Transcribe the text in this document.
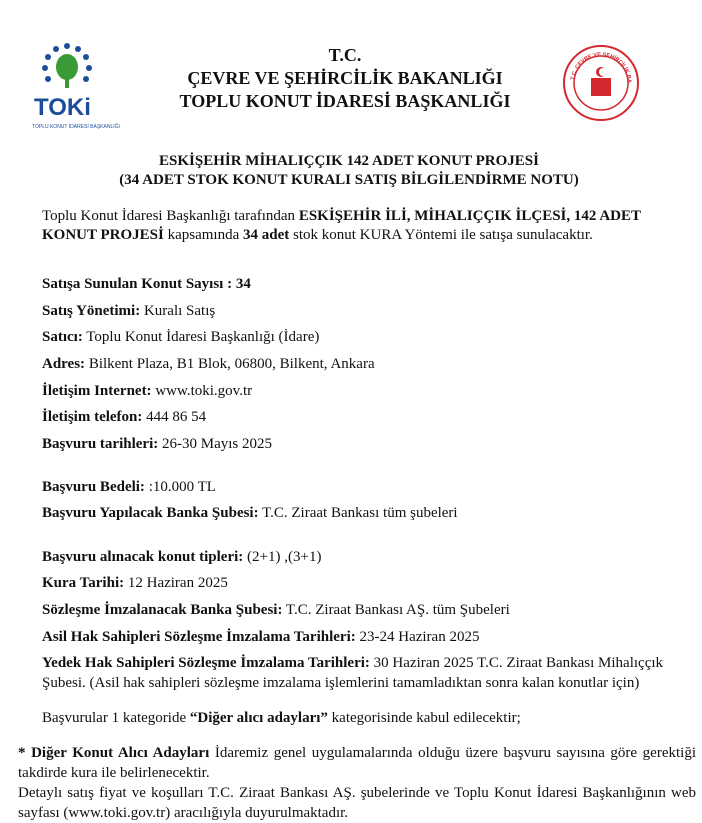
TOKi
TOPLU KONUT İDARESİ BAŞKANLIĞI
T.C. ÇEVRE VE ŞEHİRCİLİK BA
T.C.
ÇEVRE VE ŞEHİRCİLİK BAKANLIĞI
TOPLU KONUT İDARESİ BAŞKANLIĞI
ESKİŞEHİR MİHALIÇÇIK 142 ADET KONUT PROJESİ
(34 ADET STOK KONUT KURALI SATIŞ BİLGİLENDİRME NOTU)
Toplu Konut İdaresi Başkanlığı tarafından ESKİŞEHİR İLİ, MİHALIÇÇIK İLÇESİ, 142 ADET
KONUT PROJESİ kapsamında 34 adet stok konut KURA Yöntemi ile satışa sunulacaktır.
Satışa Sunulan Konut Sayısı : 34
Satış Yönetimi: Kuralı Satış
Satıcı: Toplu Konut İdaresi Başkanlığı (İdare)
Adres: Bilkent Plaza, B1 Blok, 06800, Bilkent, Ankara
İletişim Internet: www.toki.gov.tr
İletişim telefon: 444 86 54
Başvuru tarihleri: 26-30 Mayıs 2025
Başvuru Bedeli: :10.000 TL
Başvuru Yapılacak Banka Şubesi: T.C. Ziraat Bankası tüm şubeleri
Başvuru alınacak konut tipleri: (2+1) ,(3+1)
Kura Tarihi: 12 Haziran 2025
Sözleşme İmzalanacak Banka Şubesi: T.C. Ziraat Bankası AŞ. tüm Şubeleri
Asil Hak Sahipleri Sözleşme İmzalama Tarihleri: 23-24 Haziran 2025
Yedek Hak Sahipleri Sözleşme İmzalama Tarihleri: 30 Haziran 2025 T.C. Ziraat Bankası Mihalıççık Şubesi. (Asil hak sahipleri sözleşme imzalama işlemlerini tamamladıktan sonra kalan konutlar için)
Başvurular 1 kategoride “Diğer alıcı adayları” kategorisinde kabul edilecektir;
* Diğer Konut Alıcı Adayları İdaremiz genel uygulamalarında olduğu üzere başvuru sayısına göre gerektiği takdirde kura ile belirlenecektir.
Detaylı satış fiyat ve koşulları T.C. Ziraat Bankası AŞ. şubelerinde ve Toplu Konut İdaresi Başkanlığının web sayfası (www.toki.gov.tr) aracılığıyla duyurulmaktadır.
